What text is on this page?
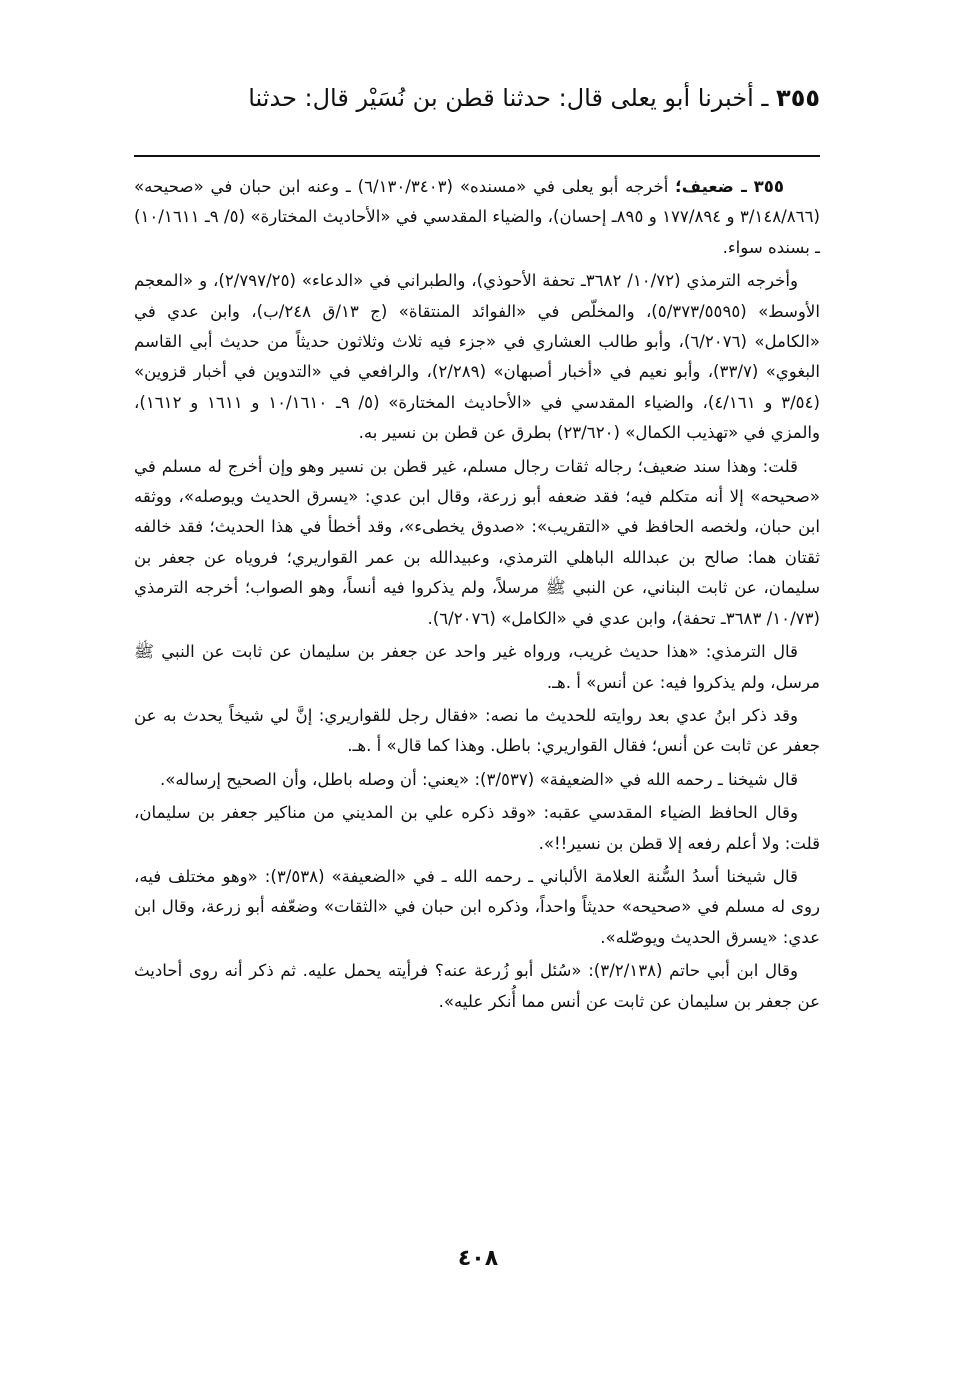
٣٥٥ ـ أخبرنا أبو يعلى قال: حدثنا قطن بن نُسَيْر قال: حدثنا

٣٥٥ ـ ضعيف؛ أخرجه أبو يعلى في «مسنده» (٦/١٣٠/٣٤٠٣) ـ وعنه ابن حبان في «صحيحه» (٣/١٤٨/٨٦٦ و ١٧٧/٨٩٤ و ٨٩٥ـ إحسان)، والضياء المقدسي في «الأحاديث المختارة» (٥/ ٩ـ ١٠/١٦١١) ـ بسنده سواء.

وأخرجه الترمذي (١٠/٧٢/ ٣٦٨٢ـ تحفة الأحوذي)، والطبراني في «الدعاء» (٢/٧٩٧/٢٥)، و «المعجم الأوسط» (٥/٣٧٣/٥٥٩٥)، والمخلّص في «الفوائد المنتقاة» (ج ١٣/ق ٢٤٨/ب)، وابن عدي في «الكامل» (٦/٢٠٧٦)، وأبو طالب العشاري في «جزء فيه ثلاث وثلاثون حديثاً من حديث أبي القاسم البغوي» (٣٣/٧)، وأبو نعيم في «أخبار أصبهان» (٢/٢٨٩)، والرافعي في «التدوين في أخبار قزوين» (٣/٥٤ و ٤/١٦١)، والضياء المقدسي في «الأحاديث المختارة» (٥/ ٩ـ ١٠/١٦١٠ و ١٦١١ و ١٦١٢)، والمزي في «تهذيب الكمال» (٢٣/٦٢٠) بطرق عن قطن بن نسير به.

قلت: وهذا سند ضعيف؛ رجاله ثقات رجال مسلم، غير قطن بن نسير وهو وإن أخرج له مسلم في «صحيحه» إلا أنه متكلم فيه؛ فقد ضعفه أبو زرعة، وقال ابن عدي: «يسرق الحديث ويوصله»، ووثقه ابن حبان، ولخصه الحافظ في «التقريب»: «صدوق يخطىء»، وقد أخطأ في هذا الحديث؛ فقد خالفه ثقتان هما: صالح بن عبدالله الباهلي الترمذي، وعبيدالله بن عمر القواريري؛ فروياه عن جعفر بن سليمان، عن ثابت البناني، عن النبي ﷺ مرسلاً، ولم يذكروا فيه أنساً، وهو الصواب؛ أخرجه الترمذي (١٠/٧٣/ ٣٦٨٣ـ تحفة)، وابن عدي في «الكامل» (٦/٢٠٧٦).

قال الترمذي: «هذا حديث غريب، ورواه غير واحد عن جعفر بن سليمان عن ثابت عن النبي ﷺ مرسل، ولم يذكروا فيه: عن أنس» أ .هـ.

وقد ذكر ابنُ عدي بعد روايته للحديث ما نصه: «فقال رجل للقواريري: إنَّ لي شيخاً يحدث به عن جعفر عن ثابت عن أنس؛ فقال القواريري: باطل. وهذا كما قال» أ .هـ.

قال شيخنا ـ رحمه الله في «الضعيفة» (٣/٥٣٧): «يعني: أن وصله باطل، وأن الصحيح إرساله».

وقال الحافظ الضياء المقدسي عقبه: «وقد ذكره علي بن المديني من مناكير جعفر بن سليمان، قلت: ولا أعلم رفعه إلا قطن بن نسير!!».

قال شيخنا أسدُ السُّنة العلامة الألباني ـ رحمه الله ـ في «الضعيفة» (٣/٥٣٨): «وهو مختلف فيه، روى له مسلم في «صحيحه» حديثاً واحداً، وذكره ابن حبان في «الثقات» وضعّفه أبو زرعة، وقال ابن عدي: «يسرق الحديث ويوصّله».

وقال ابن أبي حاتم (٣/٢/١٣٨): «سُئل أبو زُرعة عنه؟ فرأيته يحمل عليه. ثم ذكر أنه روى أحاديث عن جعفر بن سليمان عن ثابت عن أنس مما أُنكر عليه».

٤٠٨
